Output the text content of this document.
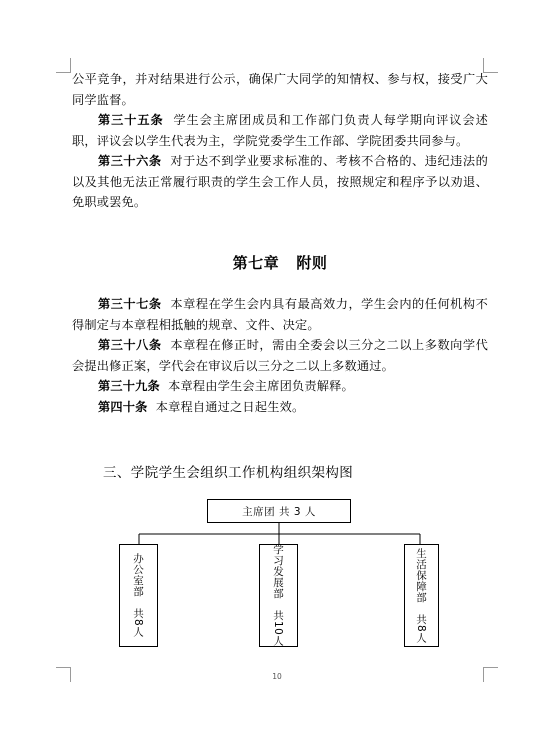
公平竞争，并对结果进行公示，确保广大同学的知情权、参与权，接受广大同学监督。

第三十五条 学生会主席团成员和工作部门负责人每学期向评议会述职，评议会以学生代表为主，学院党委学生工作部、学院团委共同参与。

第三十六条 对于达不到学业要求标准的、考核不合格的、违纪违法的以及其他无法正常履行职责的学生会工作人员，按照规定和程序予以劝退、免职或罢免。

第七章   附则

第三十七条 本章程在学生会内具有最高效力，学生会内的任何机构不得制定与本章程相抵触的规章、文件、决定。

第三十八条 本章程在修正时，需由全委会以三分之二以上多数向学代会提出修正案，学代会在审议后以三分之二以上多数通过。

第三十九条 本章程由学生会主席团负责解释。

第四十条 本章程自通过之日起生效。

三、学院学生会组织工作机构组织架构图
主席团 共 3 人
办公室部　共8人
学习发展部　共10人
生活保障部　共8人
10
